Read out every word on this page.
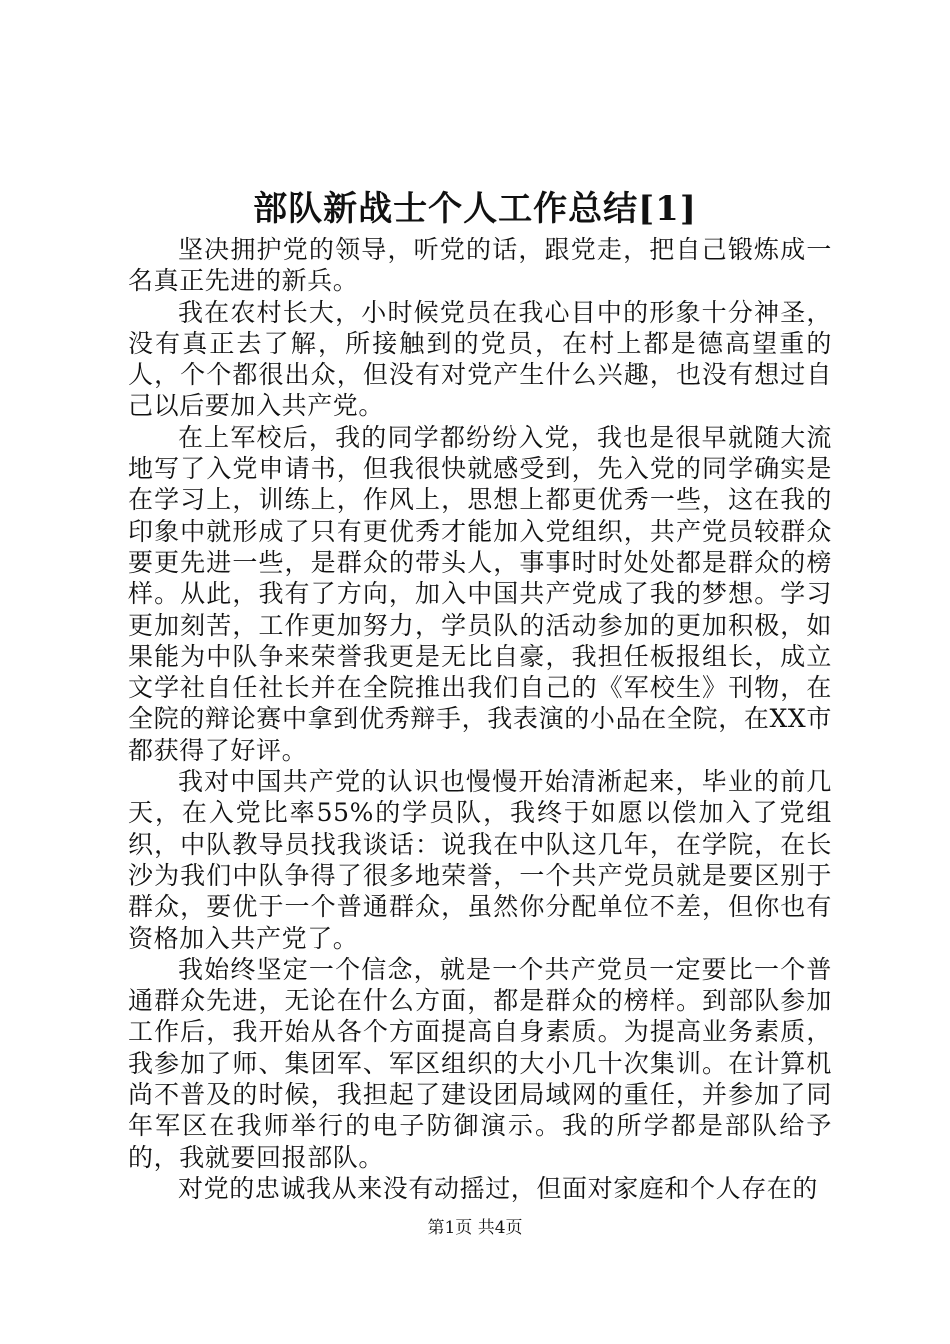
部队新战士个人工作总结[1]

坚决拥护党的领导，听党的话，跟党走，把自己锻炼成一名真正先进的新兵。

我在农村长大，小时候党员在我心目中的形象十分神圣，没有真正去了解，所接触到的党员，在村上都是德高望重的人，个个都很出众，但没有对党产生什么兴趣，也没有想过自己以后要加入共产党。

在上军校后，我的同学都纷纷入党，我也是很早就随大流地写了入党申请书，但我很快就感受到，先入党的同学确实是在学习上，训练上，作风上，思想上都更优秀一些，这在我的印象中就形成了只有更优秀才能加入党组织，共产党员较群众要更先进一些，是群众的带头人，事事时时处处都是群众的榜样。从此，我有了方向，加入中国共产党成了我的梦想。学习更加刻苦，工作更加努力，学员队的活动参加的更加积极，如果能为中队争来荣誉我更是无比自豪，我担任板报组长，成立文学社自任社长并在全院推出我们自己的《军校生》刊物，在全院的辩论赛中拿到优秀辩手，我表演的小品在全院，在XX市都获得了好评。

我对中国共产党的认识也慢慢开始清淅起来，毕业的前几天，在入党比率55%的学员队，我终于如愿以偿加入了党组织，中队教导员找我谈话：说我在中队这几年，在学院，在长沙为我们中队争得了很多地荣誉，一个共产党员就是要区别于群众，要优于一个普通群众，虽然你分配单位不差，但你也有资格加入共产党了。

我始终坚定一个信念，就是一个共产党员一定要比一个普通群众先进，无论在什么方面，都是群众的榜样。到部队参加工作后，我开始从各个方面提高自身素质。为提高业务素质，我参加了师、集团军、军区组织的大小几十次集训。在计算机尚不普及的时候，我担起了建设团局域网的重任，并参加了同年军区在我师举行的电子防御演示。我的所学都是部队给予的，我就要回报部队。

对党的忠诚我从来没有动摇过，但面对家庭和个人存在的

第1页 共4页
